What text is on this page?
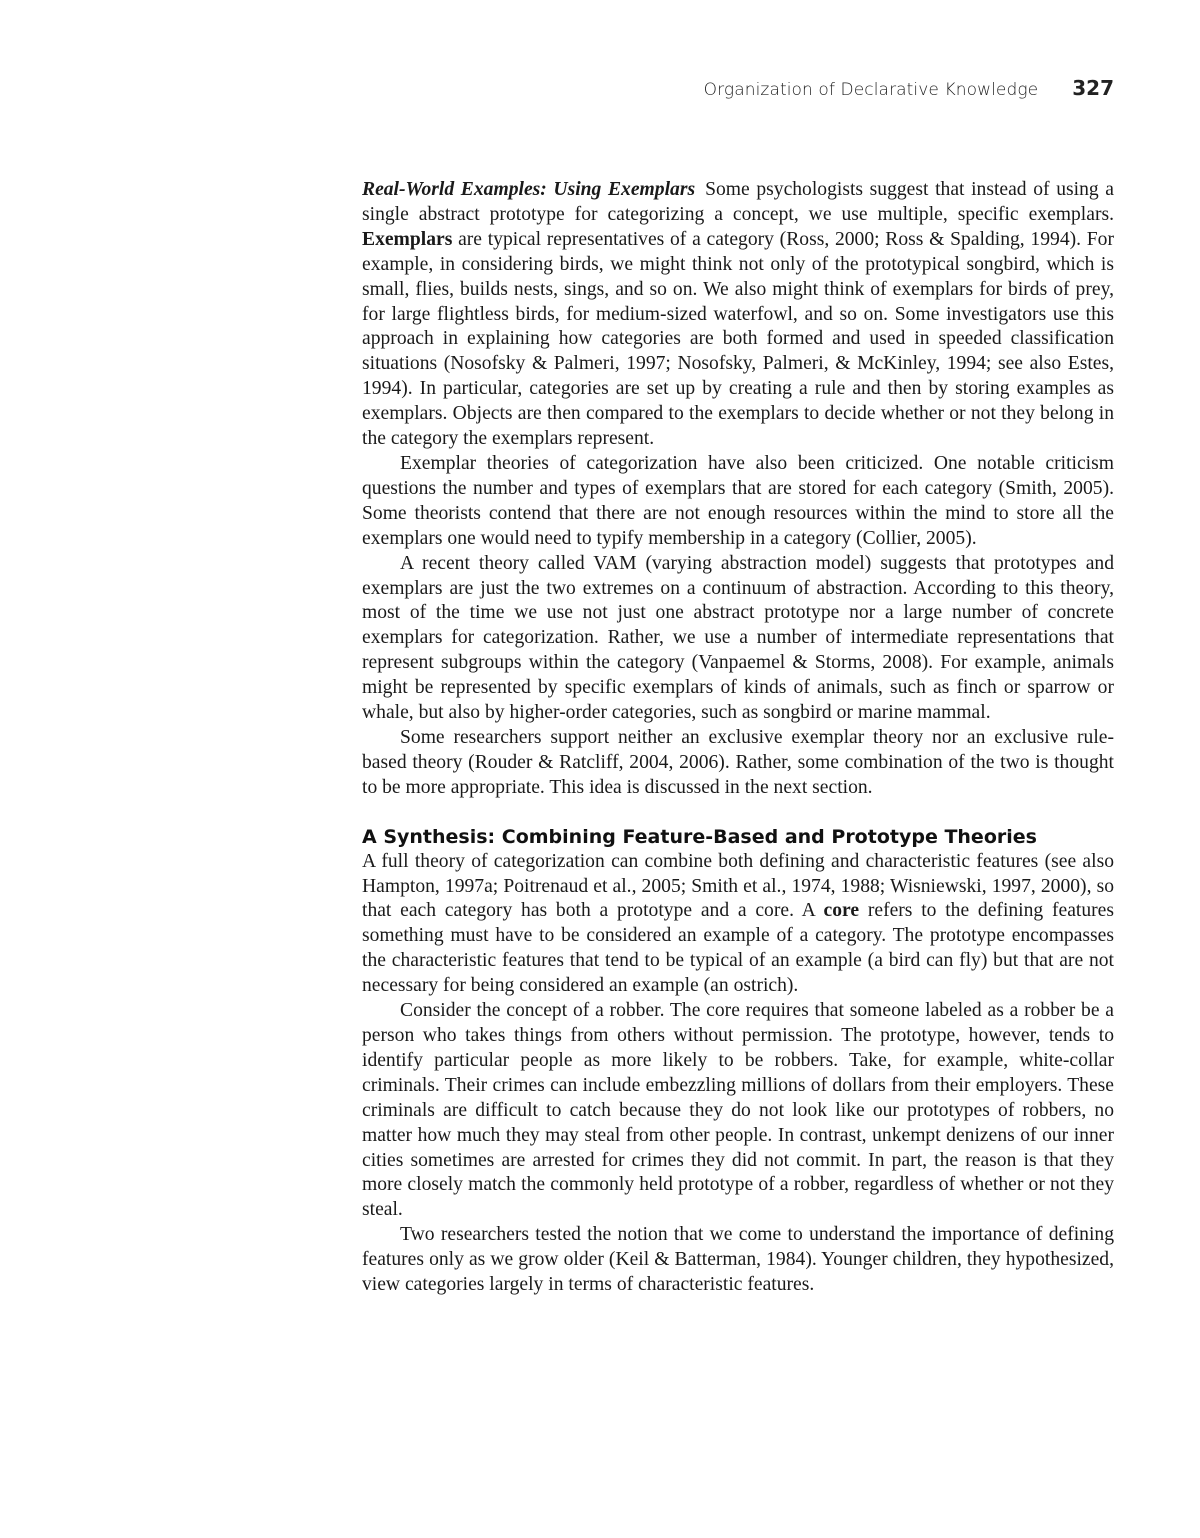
Organization of Declarative Knowledge 327

Real-World Examples: Using Exemplars Some psychologists suggest that instead of using a single abstract prototype for categorizing a concept, we use multiple, specific exemplars. Exemplars are typical representatives of a category (Ross, 2000; Ross & Spalding, 1994). For example, in considering birds, we might think not only of the prototypical songbird, which is small, flies, builds nests, sings, and so on. We also might think of exemplars for birds of prey, for large flightless birds, for medium-sized waterfowl, and so on. Some investigators use this approach in explaining how categories are both formed and used in speeded classification situations (Nosofsky & Palmeri, 1997; Nosofsky, Palmeri, & McKinley, 1994; see also Estes, 1994). In particular, categories are set up by creating a rule and then by storing examples as exemplars. Objects are then compared to the exemplars to decide whether or not they belong in the category the exemplars represent.

Exemplar theories of categorization have also been criticized. One notable criticism questions the number and types of exemplars that are stored for each category (Smith, 2005). Some theorists contend that there are not enough resources within the mind to store all the exemplars one would need to typify membership in a category (Collier, 2005).

A recent theory called VAM (varying abstraction model) suggests that prototypes and exemplars are just the two extremes on a continuum of abstraction. According to this theory, most of the time we use not just one abstract prototype nor a large number of concrete exemplars for categorization. Rather, we use a number of intermediate representations that represent subgroups within the category (Vanpaemel & Storms, 2008). For example, animals might be represented by specific exemplars of kinds of animals, such as finch or sparrow or whale, but also by higher-order categories, such as songbird or marine mammal.

Some researchers support neither an exclusive exemplar theory nor an exclusive rule-based theory (Rouder & Ratcliff, 2004, 2006). Rather, some combination of the two is thought to be more appropriate. This idea is discussed in the next section.

A Synthesis: Combining Feature-Based and Prototype Theories

A full theory of categorization can combine both defining and characteristic features (see also Hampton, 1997a; Poitrenaud et al., 2005; Smith et al., 1974, 1988; Wisniewski, 1997, 2000), so that each category has both a prototype and a core. A core refers to the defining features something must have to be considered an example of a category. The prototype encompasses the characteristic features that tend to be typical of an example (a bird can fly) but that are not necessary for being considered an example (an ostrich).

Consider the concept of a robber. The core requires that someone labeled as a robber be a person who takes things from others without permission. The prototype, however, tends to identify particular people as more likely to be robbers. Take, for example, white-collar criminals. Their crimes can include embezzling millions of dollars from their employers. These criminals are difficult to catch because they do not look like our prototypes of robbers, no matter how much they may steal from other people. In contrast, unkempt denizens of our inner cities sometimes are arrested for crimes they did not commit. In part, the reason is that they more closely match the commonly held prototype of a robber, regardless of whether or not they steal.

Two researchers tested the notion that we come to understand the importance of defining features only as we grow older (Keil & Batterman, 1984). Younger children, they hypothesized, view categories largely in terms of characteristic features.
